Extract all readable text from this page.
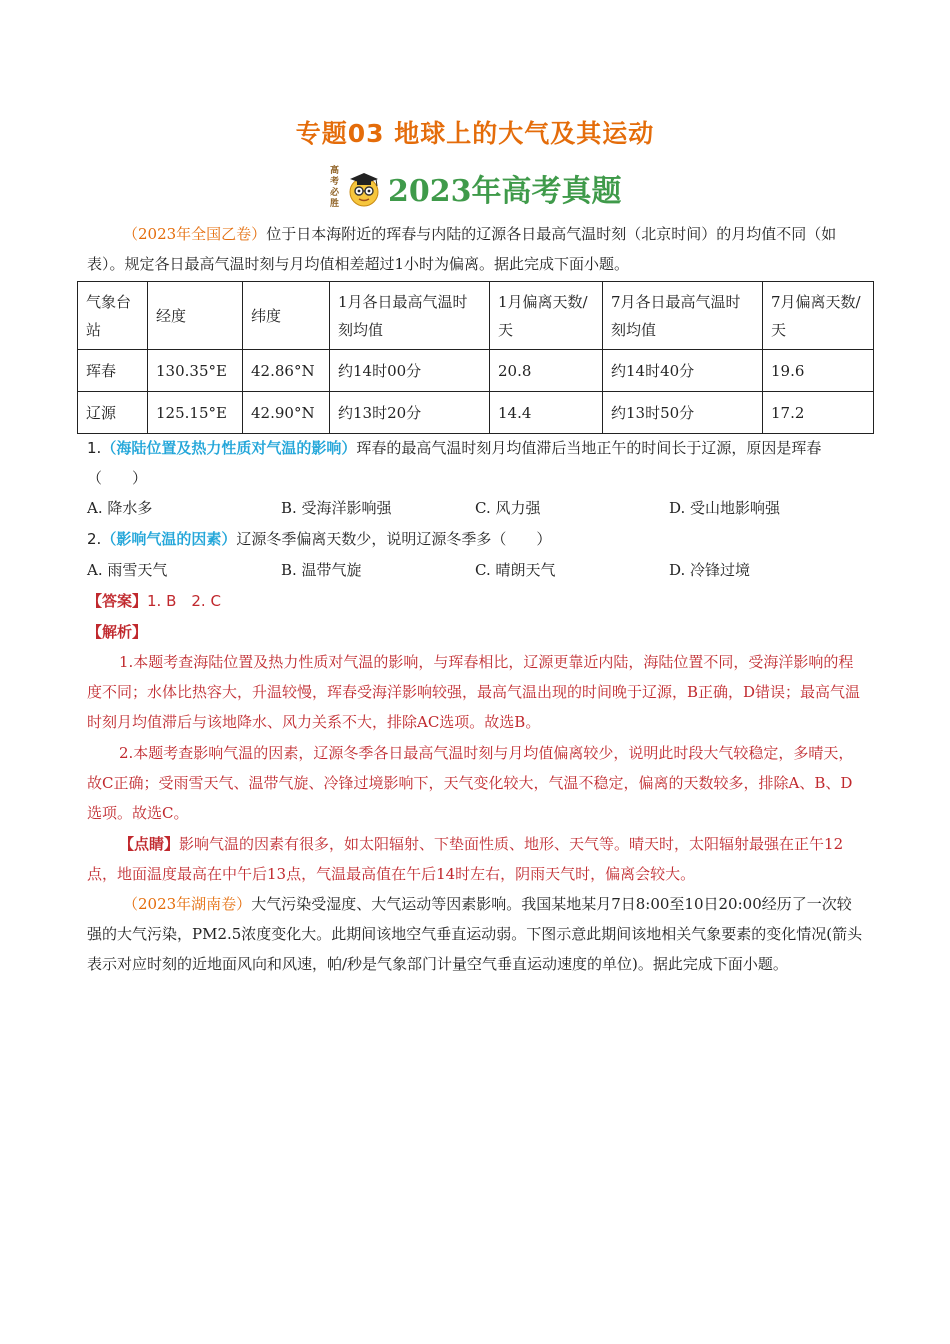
专题03 地球上的大气及其运动
高考必胜 2023年高考真题
（2023年全国乙卷）位于日本海附近的珲春与内陆的辽源各日最高气温时刻（北京时间）的月均值不同（如表）。规定各日最高气温时刻与月均值相差超过1小时为偏离。据此完成下面小题。
气象台站	经度	纬度	1月各日最高气温时刻均值	1月偏离天数/天	7月各日最高气温时刻均值	7月偏离天数/天
珲春	130.35°E	42.86°N	约14时00分	20.8	约14时40分	19.6
辽源	125.15°E	42.90°N	约13时20分	14.4	约13时50分	17.2
1.（海陆位置及热力性质对气温的影响）珲春的最高气温时刻月均值滞后当地正午的时间长于辽源，原因是珲春（　　）
A. 降水多	B. 受海洋影响强	C. 风力强	D. 受山地影响强
2.（影响气温的因素）辽源冬季偏离天数少，说明辽源冬季多（　　）
A. 雨雪天气	B. 温带气旋	C. 晴朗天气	D. 冷锋过境
【答案】1. B　2. C
【解析】
1.本题考查海陆位置及热力性质对气温的影响，与珲春相比，辽源更靠近内陆，海陆位置不同，受海洋影响的程度不同；水体比热容大，升温较慢，珲春受海洋影响较强，最高气温出现的时间晚于辽源，B正确，D错误；最高气温时刻月均值滞后与该地降水、风力关系不大，排除AC选项。故选B。
2.本题考查影响气温的因素，辽源冬季各日最高气温时刻与月均值偏离较少，说明此时段大气较稳定，多晴天，故C正确；受雨雪天气、温带气旋、冷锋过境影响下，天气变化较大，气温不稳定，偏离的天数较多，排除A、B、D选项。故选C。
【点睛】影响气温的因素有很多，如太阳辐射、下垫面性质、地形、天气等。晴天时，太阳辐射最强在正午12点，地面温度最高在中午后13点，气温最高值在午后14时左右，阴雨天气时，偏离会较大。
（2023年湖南卷）大气污染受湿度、大气运动等因素影响。我国某地某月7日8:00至10日20:00经历了一次较强的大气污染，PM2.5浓度变化大。此期间该地空气垂直运动弱。下图示意此期间该地相关气象要素的变化情况(箭头表示对应时刻的近地面风向和风速，帕/秒是气象部门计量空气垂直运动速度的单位)。据此完成下面小题。
